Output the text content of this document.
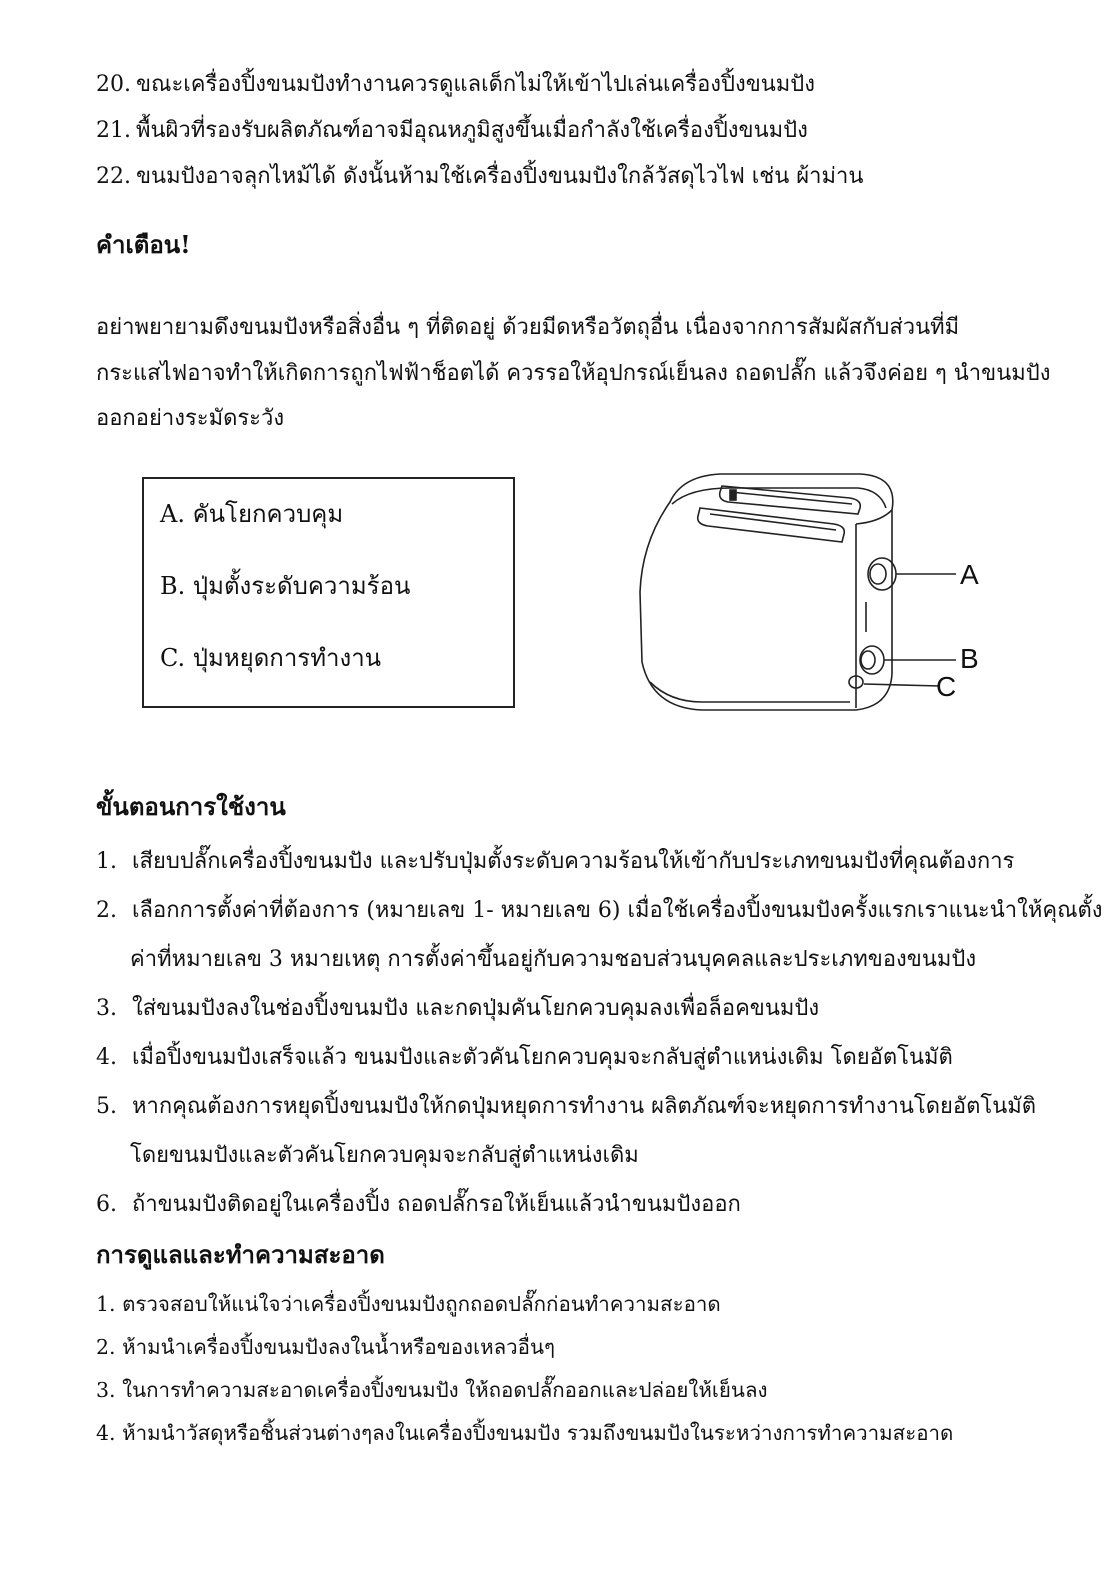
20. ขณะเครื่องปิ้งขนมปังทำงานควรดูแลเด็กไม่ให้เข้าไปเล่นเครื่องปิ้งขนมปัง
21. พื้นผิวที่รองรับผลิตภัณฑ์อาจมีอุณหภูมิสูงขึ้นเมื่อกำลังใช้เครื่องปิ้งขนมปัง
22. ขนมปังอาจลุกไหม้ได้ ดังนั้นห้ามใช้เครื่องปิ้งขนมปังใกล้วัสดุไวไฟ เช่น ผ้าม่าน
คำเตือน!
อย่าพยายามดึงขนมปังหรือสิ่งอื่น ๆ ที่ติดอยู่ ด้วยมีดหรือวัตถุอื่น เนื่องจากการสัมผัสกับส่วนที่มี
กระแสไฟอาจทำให้เกิดการถูกไฟฟ้าช็อตได้ ควรรอให้อุปกรณ์เย็นลง ถอดปลั๊ก แล้วจึงค่อย ๆ นำขนมปัง
ออกอย่างระมัดระวัง
A. คันโยกควบคุม
B. ปุ่มตั้งระดับความร้อน
C. ปุ่มหยุดการทำงาน
A
B
C
ขั้นตอนการใช้งาน
1. เสียบปลั๊กเครื่องปิ้งขนมปัง และปรับปุ่มตั้งระดับความร้อนให้เข้ากับประเภทขนมปังที่คุณต้องการ
2. เลือกการตั้งค่าที่ต้องการ (หมายเลข 1- หมายเลข 6) เมื่อใช้เครื่องปิ้งขนมปังครั้งแรกเราแนะนำให้คุณตั้ง
ค่าที่หมายเลข 3 หมายเหตุ การตั้งค่าขึ้นอยู่กับความชอบส่วนบุคคลและประเภทของขนมปัง
3. ใส่ขนมปังลงในช่องปิ้งขนมปัง และกดปุ่มคันโยกควบคุมลงเพื่อล็อคขนมปัง
4. เมื่อปิ้งขนมปังเสร็จแล้ว ขนมปังและตัวคันโยกควบคุมจะกลับสู่ตำแหน่งเดิม โดยอัตโนมัติ
5. หากคุณต้องการหยุดปิ้งขนมปังให้กดปุ่มหยุดการทำงาน ผลิตภัณฑ์จะหยุดการทำงานโดยอัตโนมัติ
โดยขนมปังและตัวคันโยกควบคุมจะกลับสู่ตำแหน่งเดิม
6. ถ้าขนมปังติดอยู่ในเครื่องปิ้ง ถอดปลั๊กรอให้เย็นแล้วนำขนมปังออก
การดูแลและทำความสะอาด
1. ตรวจสอบให้แน่ใจว่าเครื่องปิ้งขนมปังถูกถอดปลั๊กก่อนทำความสะอาด
2. ห้ามนำเครื่องปิ้งขนมปังลงในน้ำหรือของเหลวอื่นๆ
3. ในการทำความสะอาดเครื่องปิ้งขนมปัง ให้ถอดปลั๊กออกและปล่อยให้เย็นลง
4. ห้ามนำวัสดุหรือชิ้นส่วนต่างๆลงในเครื่องปิ้งขนมปัง รวมถึงขนมปังในระหว่างการทำความสะอาด
